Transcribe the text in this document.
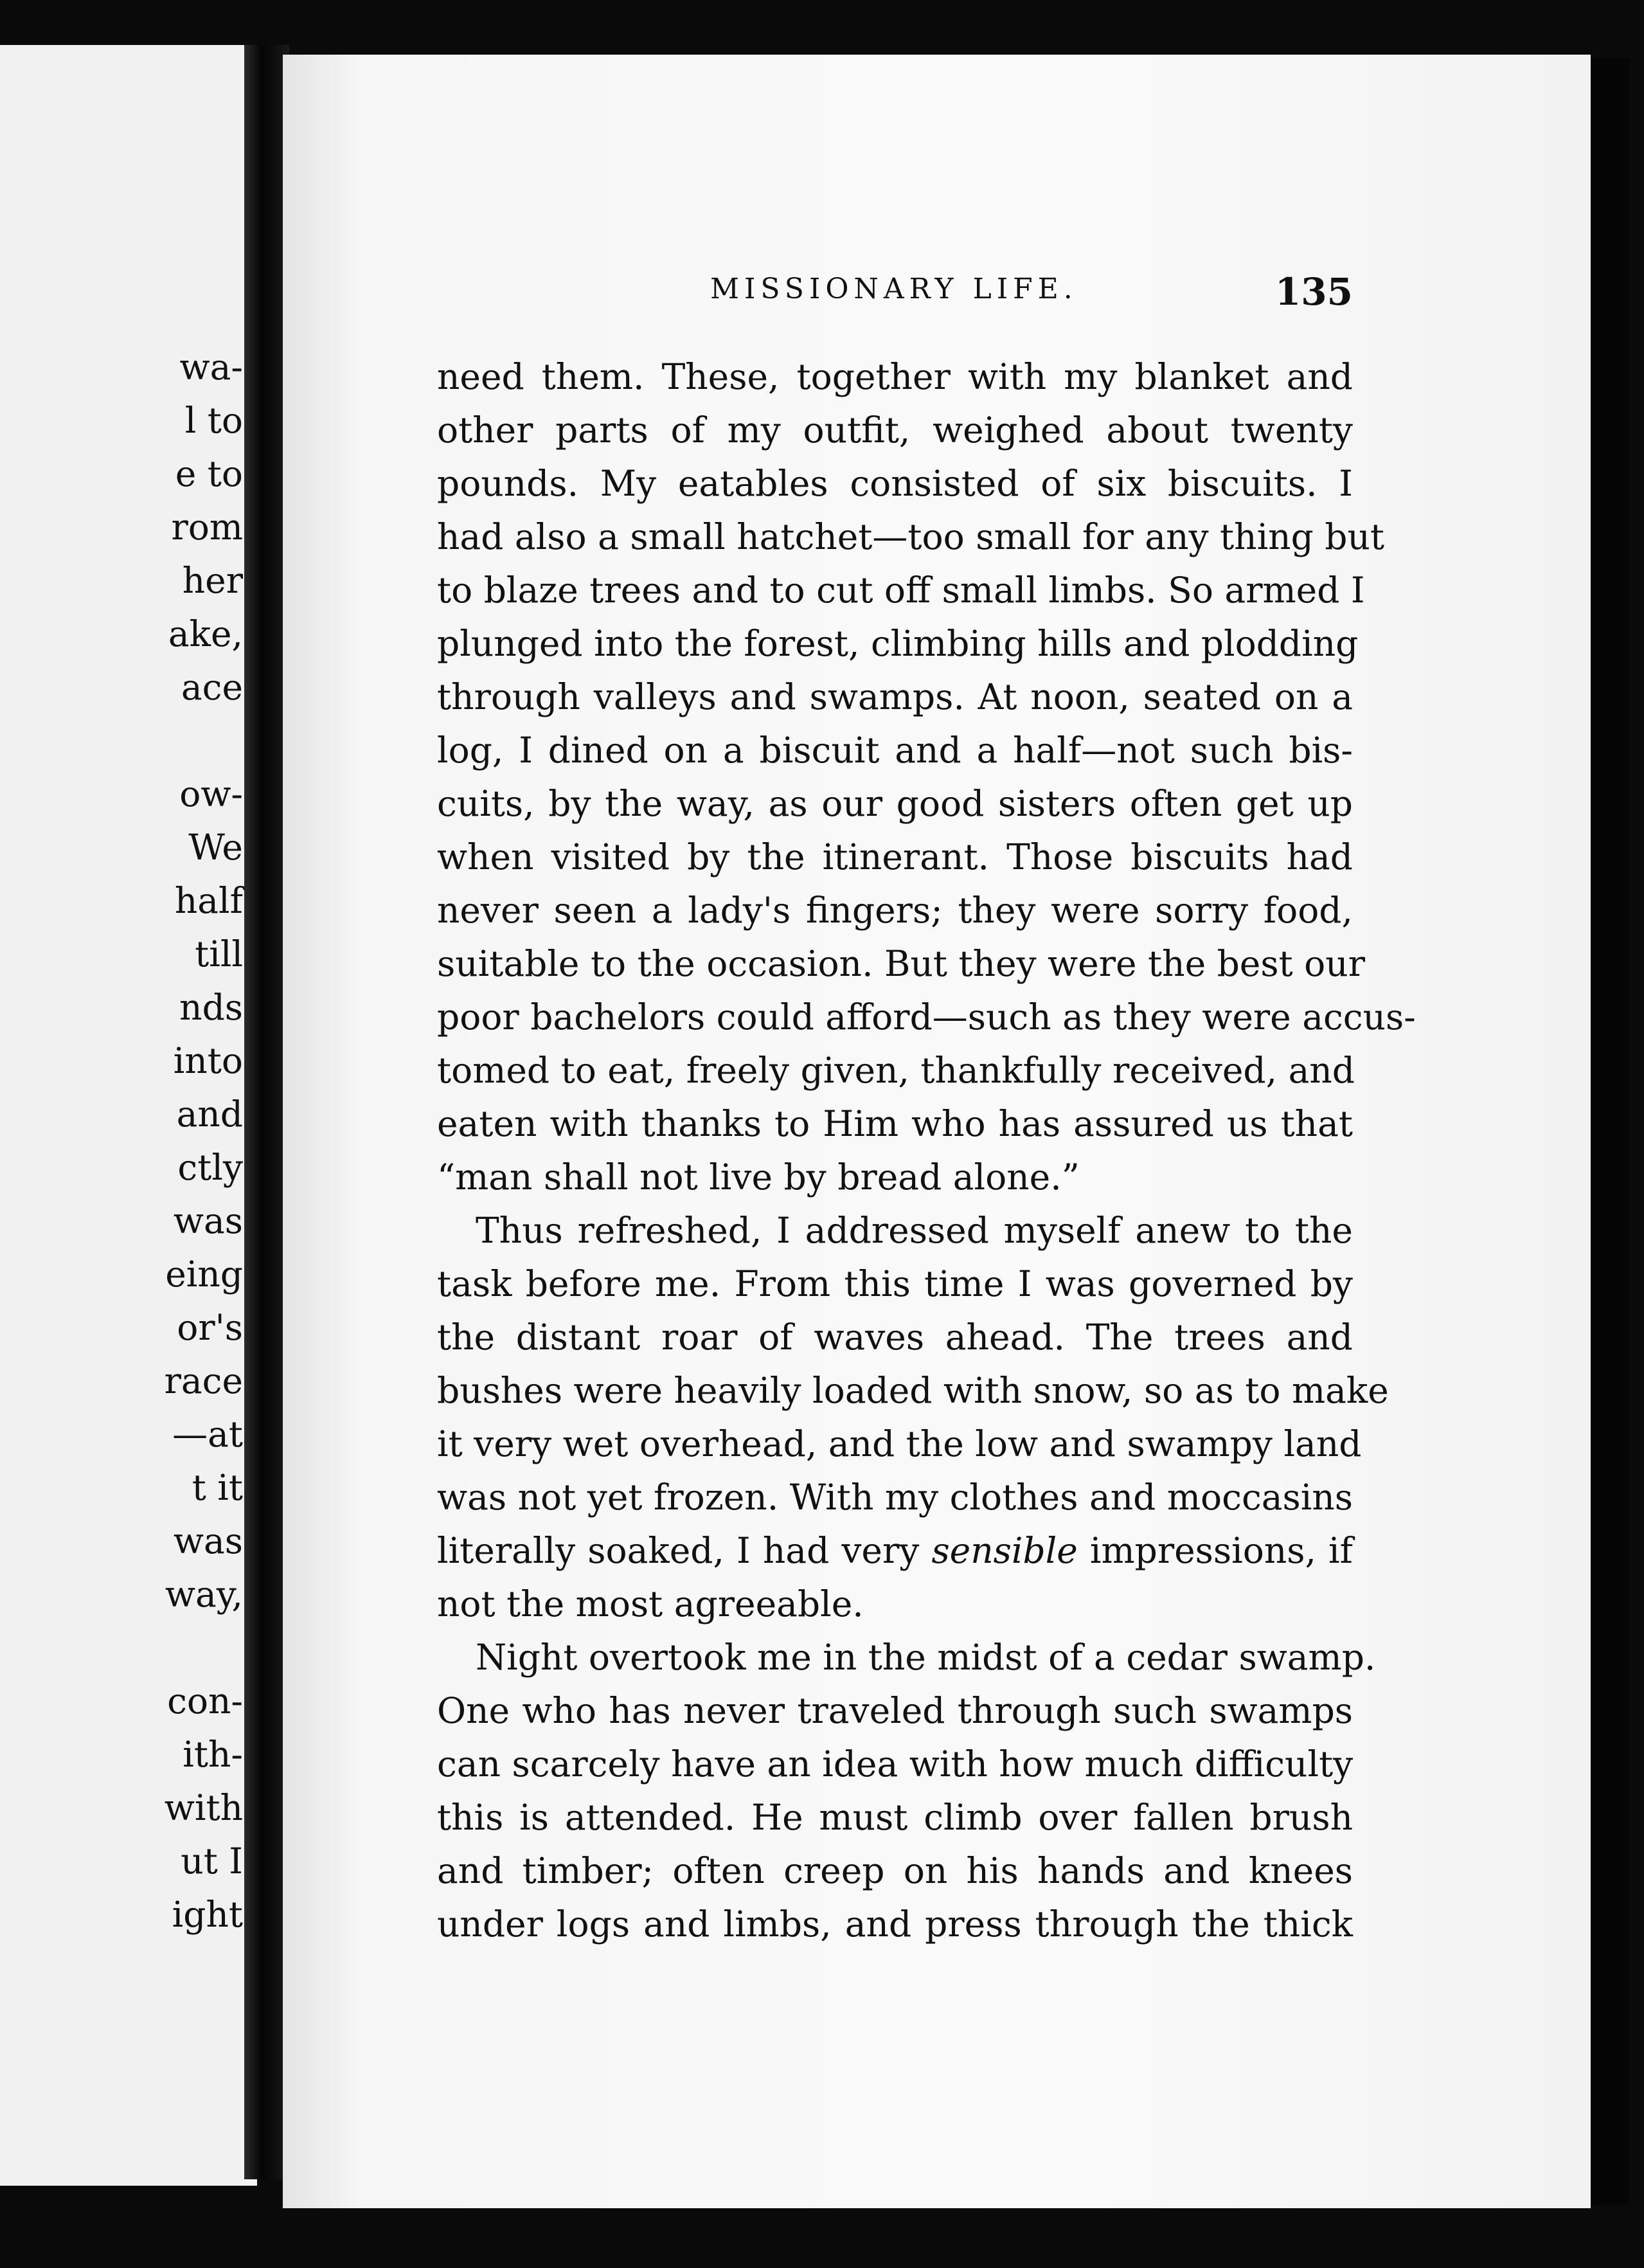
wa-
l to
e to
rom
her
ake,
ace
ow-
We
half
till
nds
into
and
ctly
was
eing
or's
race
—at
t it
was
way,
con-
ith-
with
ut I
ight
MISSIONARY LIFE.	135
need them. These, together with my blanket and
other parts of my outfit, weighed about twenty
pounds. My eatables consisted of six biscuits. I
had also a small hatchet—too small for any thing but
to blaze trees and to cut off small limbs. So armed I
plunged into the forest, climbing hills and plodding
through valleys and swamps. At noon, seated on a
log, I dined on a biscuit and a half—not such bis-
cuits, by the way, as our good sisters often get up
when visited by the itinerant. Those biscuits had
never seen a lady's fingers; they were sorry food,
suitable to the occasion. But they were the best our
poor bachelors could afford—such as they were accus-
tomed to eat, freely given, thankfully received, and
eaten with thanks to Him who has assured us that
“man shall not live by bread alone.”
Thus refreshed, I addressed myself anew to the
task before me. From this time I was governed by
the distant roar of waves ahead. The trees and
bushes were heavily loaded with snow, so as to make
it very wet overhead, and the low and swampy land
was not yet frozen. With my clothes and moccasins
literally soaked, I had very sensible impressions, if
not the most agreeable.
Night overtook me in the midst of a cedar swamp.
One who has never traveled through such swamps
can scarcely have an idea with how much difficulty
this is attended. He must climb over fallen brush
and timber; often creep on his hands and knees
under logs and limbs, and press through the thick
